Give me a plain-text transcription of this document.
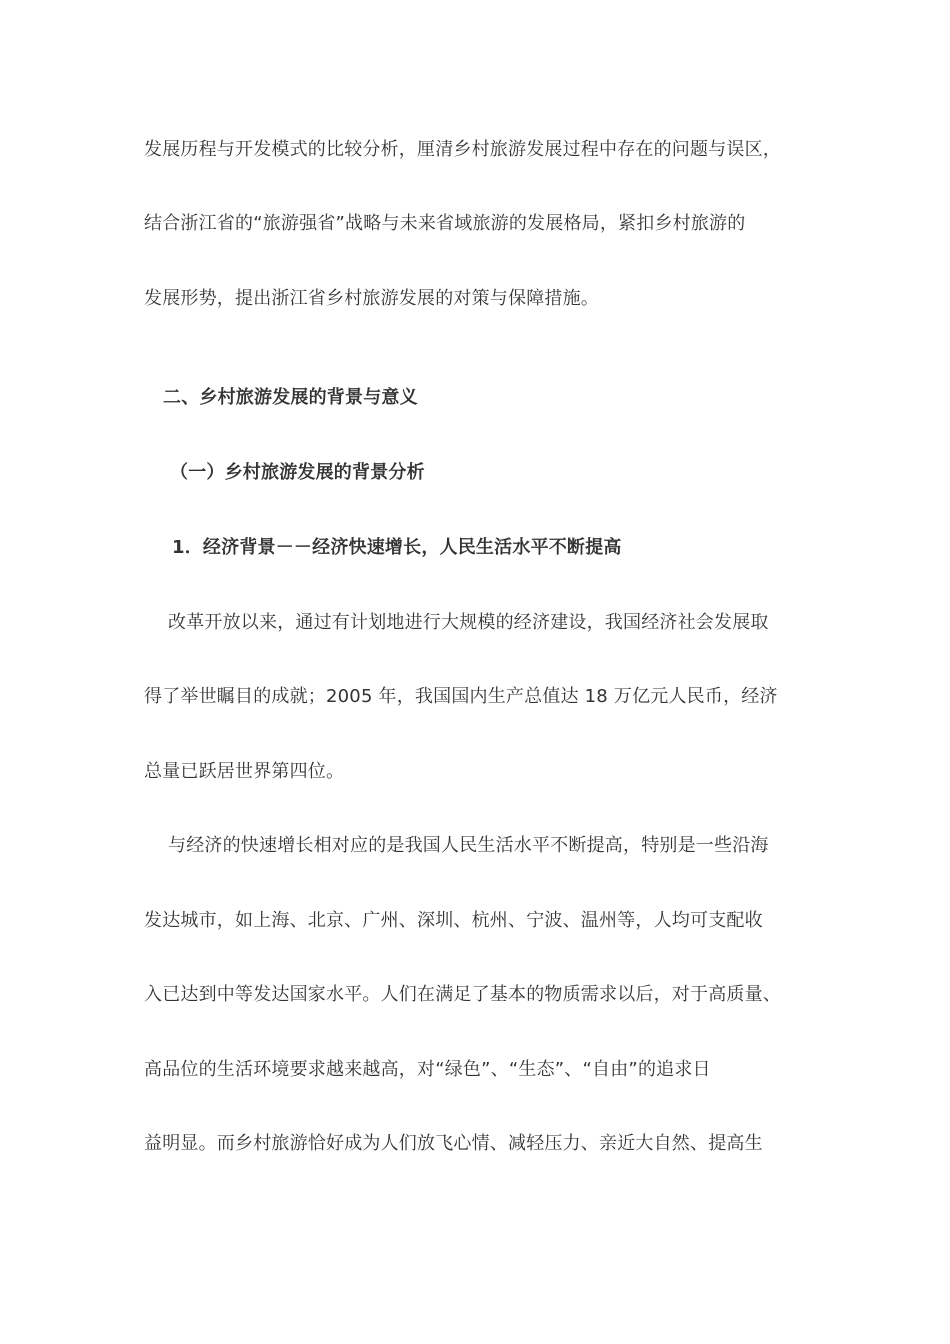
发展历程与开发模式的比较分析，厘清乡村旅游发展过程中存在的问题与误区，
结合浙江省的“旅游强省”战略与未来省域旅游的发展格局，紧扣乡村旅游的
发展形势，提出浙江省乡村旅游发展的对策与保障措施。
二、乡村旅游发展的背景与意义
（一）乡村旅游发展的背景分析
1．经济背景－－经济快速增长，人民生活水平不断提高
改革开放以来，通过有计划地进行大规模的经济建设，我国经济社会发展取
得了举世瞩目的成就；2005 年，我国国内生产总值达 18 万亿元人民币，经济
总量已跃居世界第四位。
与经济的快速增长相对应的是我国人民生活水平不断提高，特别是一些沿海
发达城市，如上海、北京、广州、深圳、杭州、宁波、温州等，人均可支配收
入已达到中等发达国家水平。人们在满足了基本的物质需求以后，对于高质量、
高品位的生活环境要求越来越高，对“绿色”、“生态”、“自由”的追求日
益明显。而乡村旅游恰好成为人们放飞心情、减轻压力、亲近大自然、提高生
